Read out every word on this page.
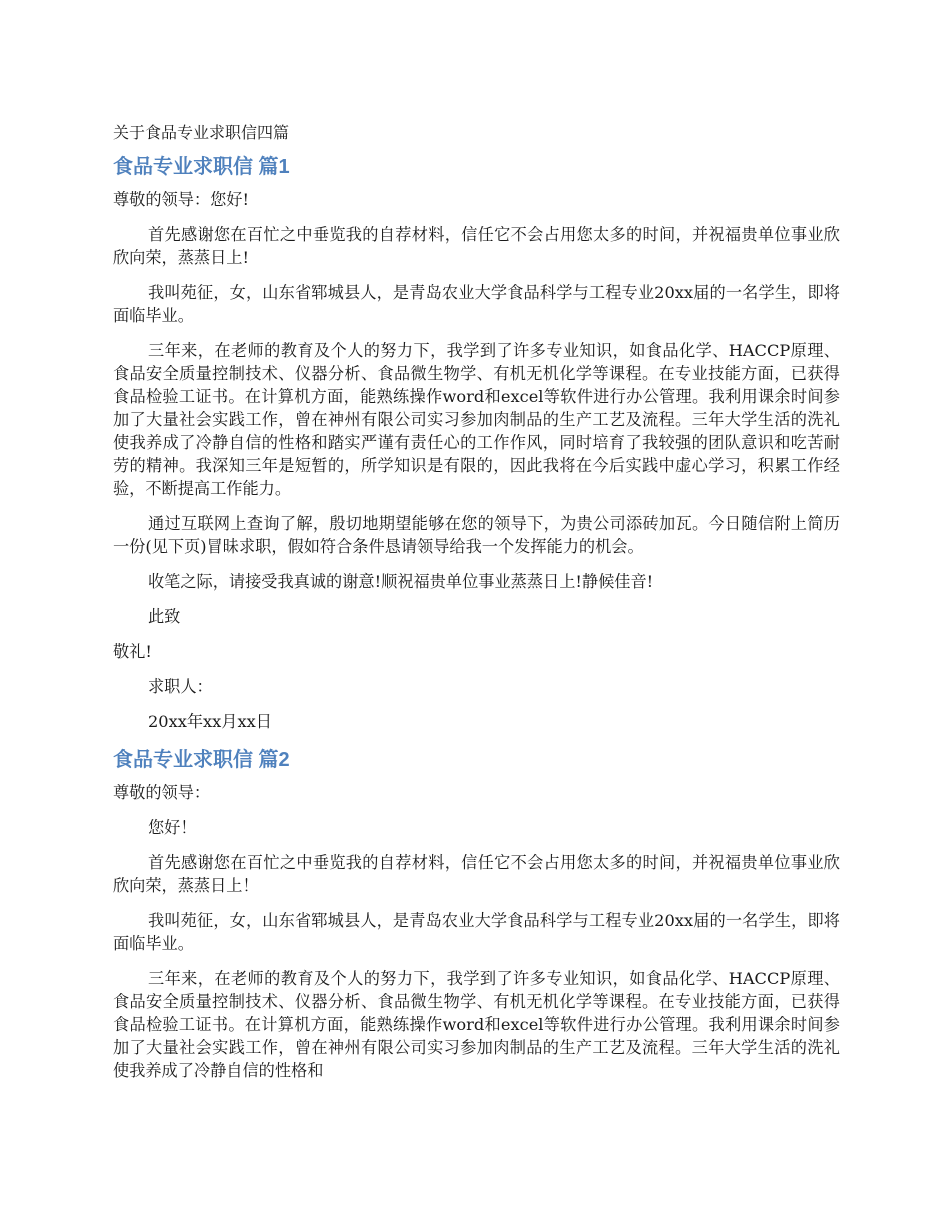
关于食品专业求职信四篇
食品专业求职信 篇1

尊敬的领导：您好!

首先感谢您在百忙之中垂览我的自荐材料，信任它不会占用您太多的时间，并祝福贵单位事业欣欣向荣，蒸蒸日上!

我叫苑征，女，山东省郓城县人，是青岛农业大学食品科学与工程专业20xx届的一名学生，即将面临毕业。

三年来，在老师的教育及个人的努力下，我学到了许多专业知识，如食品化学、HACCP原理、食品安全质量控制技术、仪器分析、食品微生物学、有机无机化学等课程。在专业技能方面，已获得食品检验工证书。在计算机方面，能熟练操作word和excel等软件进行办公管理。我利用课余时间参加了大量社会实践工作，曾在神州有限公司实习参加肉制品的生产工艺及流程。三年大学生活的洗礼使我养成了冷静自信的性格和踏实严谨有责任心的工作作风，同时培育了我较强的团队意识和吃苦耐劳的精神。我深知三年是短暂的，所学知识是有限的，因此我将在今后实践中虚心学习，积累工作经验，不断提高工作能力。

通过互联网上查询了解，殷切地期望能够在您的领导下，为贵公司添砖加瓦。今日随信附上简历一份(见下页)冒昧求职，假如符合条件恳请领导给我一个发挥能力的机会。

收笔之际，请接受我真诚的谢意!顺祝福贵单位事业蒸蒸日上!静候佳音!

此致

敬礼!

求职人：

20xx年xx月xx日

食品专业求职信 篇2

尊敬的领导：

您好！

首先感谢您在百忙之中垂览我的自荐材料，信任它不会占用您太多的时间，并祝福贵单位事业欣欣向荣，蒸蒸日上！

我叫苑征，女，山东省郓城县人，是青岛农业大学食品科学与工程专业20xx届的一名学生，即将面临毕业。

三年来，在老师的教育及个人的努力下，我学到了许多专业知识，如食品化学、HACCP原理、食品安全质量控制技术、仪器分析、食品微生物学、有机无机化学等课程。在专业技能方面，已获得食品检验工证书。在计算机方面，能熟练操作word和excel等软件进行办公管理。我利用课余时间参加了大量社会实践工作，曾在神州有限公司实习参加肉制品的生产工艺及流程。三年大学生活的洗礼使我养成了冷静自信的性格和
